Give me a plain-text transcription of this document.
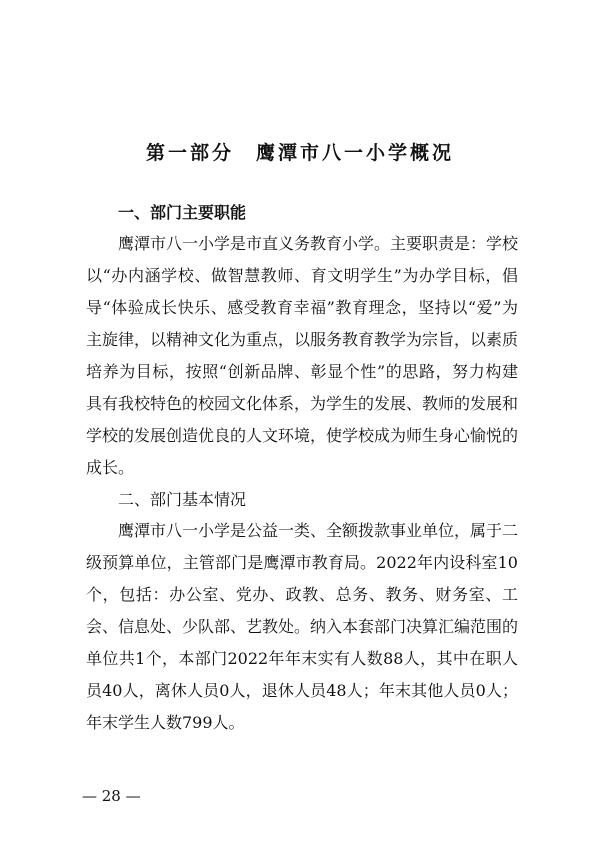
第一部分　鹰潭市八一小学概况
一、部门主要职能

鹰潭市八一小学是市直义务教育小学。主要职责是：学校以“办内涵学校、做智慧教师、育文明学生”为办学目标，倡导“体验成长快乐、感受教育幸福”教育理念，坚持以“爱”为主旋律，以精神文化为重点，以服务教育教学为宗旨，以素质培养为目标，按照“创新品牌、彰显个性”的思路，努力构建具有我校特色的校园文化体系，为学生的发展、教师的发展和学校的发展创造优良的人文环境，使学校成为师生身心愉悦的成长。

二、部门基本情况

鹰潭市八一小学是公益一类、全额拨款事业单位，属于二级预算单位，主管部门是鹰潭市教育局。2022年内设科室10个，包括：办公室、党办、政教、总务、教务、财务室、工会、信息处、少队部、艺教处。纳入本套部门决算汇编范围的单位共1个，本部门2022年年末实有人数88人，其中在职人员40人，离休人员0人，退休人员48人；年末其他人员0人；年末学生人数799人。

— 28 —
